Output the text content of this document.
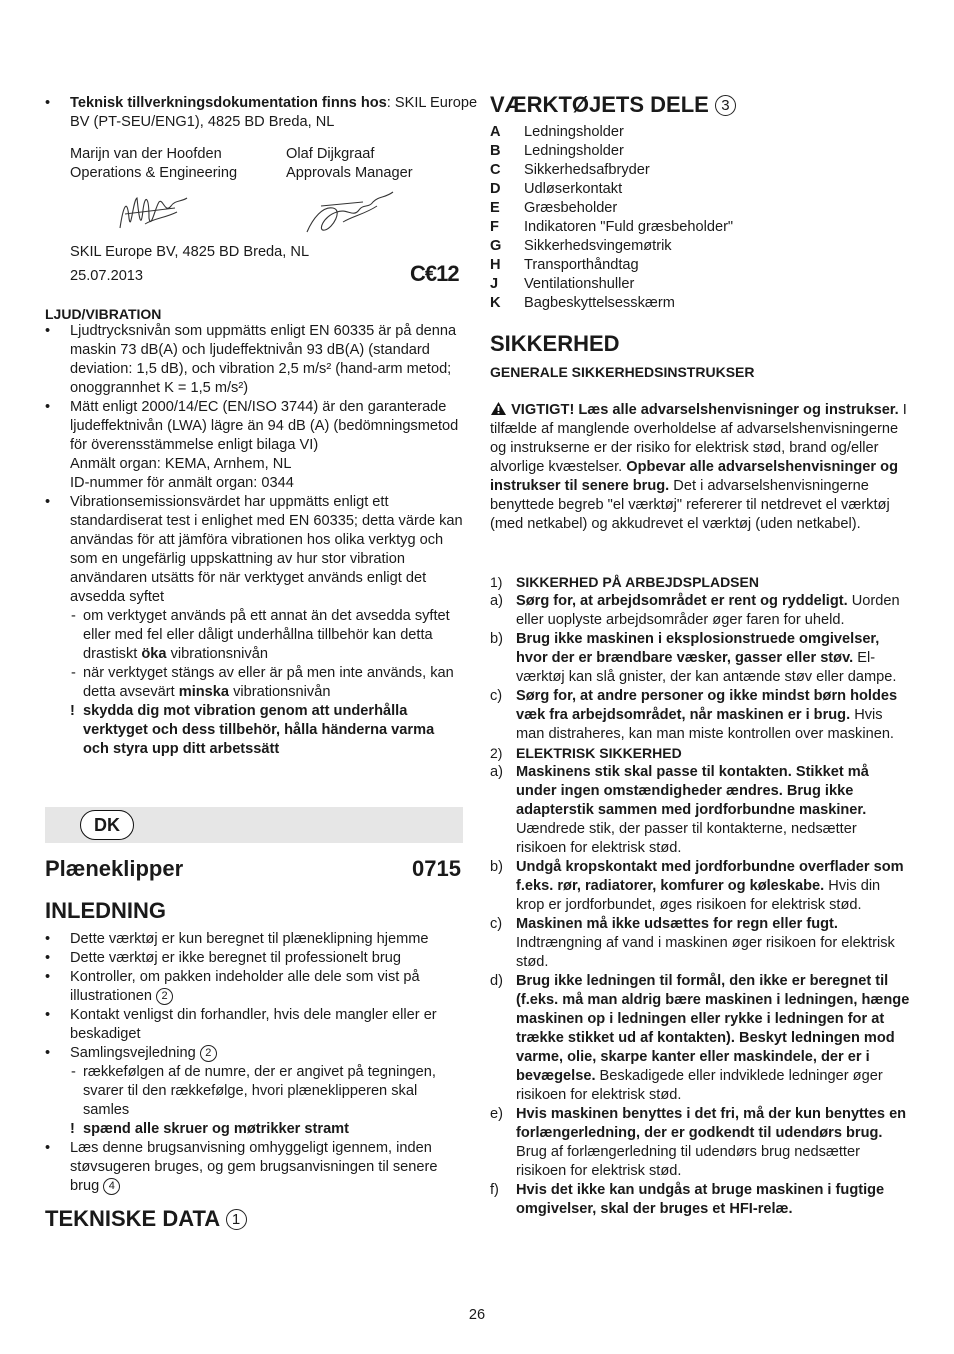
• Teknisk tillverkningsdokumentation finns hos: SKIL Europe BV (PT-SEU/ENG1), 4825 BD Breda, NL

Marijn van der Hoofden

Operations & Engineering

Olaf Dijkgraaf

Approvals Manager

SKIL Europe BV, 4825 BD Breda, NL

25.07.2013	C€12

LJUD/VIBRATION

• Ljudtrycksnivån som uppmätts enligt EN 60335 är på denna maskin 73 dB(A) och ljudeffektnivån 93 dB(A) (standard deviation: 1,5 dB), och vibration 2,5 m/s² (hand-arm metod; onoggrannhet K = 1,5 m/s²)

• Mätt enligt 2000/14/EC (EN/ISO 3744) är den garanterade ljudeffektnivån (LWA) lägre än 94 dB (A) (bedömningsmetod för överensstämmelse enligt bilaga VI)

Anmält organ: KEMA, Arnhem, NL

ID-nummer för anmält organ: 0344

• Vibrationsemissionsvärdet har uppmätts enligt ett standardiserat test i enlighet med EN 60335; detta värde kan användas för att jämföra vibrationen hos olika verktyg och som en ungefärlig uppskattning av hur stor vibration användaren utsätts för när verktyget används enligt det avsedda syftet

- om verktyget används på ett annat än det avsedda syftet eller med fel eller dåligt underhållna tillbehör kan detta drastiskt öka vibrationsnivån

- när verktyget stängs av eller är på men inte används, kan detta avsevärt minska vibrationsnivån

! skydda dig mot vibration genom att underhålla verktyget och dess tillbehör, hålla händerna varma och styra upp ditt arbetssätt

DK
Plæneklipper	0715
INLEDNING

• Dette værktøj er kun beregnet til plæneklipning hjemme

• Dette værktøj er ikke beregnet til professionelt brug

• Kontroller, om pakken indeholder alle dele som vist på illustrationen 2

• Kontakt venligst din forhandler, hvis dele mangler eller er beskadiget

• Samlingsvejledning 2

- rækkefølgen af de numre, der er angivet på tegningen, svarer til den rækkefølge, hvori plæneklipperen skal samles

! spænd alle skruer og møtrikker stramt

• Læs denne brugsanvisning omhyggeligt igennem, inden støvsugeren bruges, og gem brugsanvisningen til senere brug 4

TEKNISKE DATA 1
VÆRKTØJETS DELE 3
A	Ledningsholder
B	Ledningsholder
C	Sikkerhedsafbryder
D	Udløserkontakt
E	Græsbeholder
F	Indikatoren "Fuld græsbeholder"
G	Sikkerhedsvingemøtrik
H	Transporthåndtag
J	Ventilationshuller
K	Bagbeskyttelsesskærm
SIKKERHED

GENERALE SIKKERHEDSINSTRUKSER

VIGTIGT! Læs alle advarselshenvisninger og instrukser. I tilfælde af manglende overholdelse af advarselshenvisningerne og instrukserne er der risiko for elektrisk stød, brand og/eller alvorlige kvæstelser. Opbevar alle advarselshenvisninger og instrukser til senere brug. Det i advarselshenvisningerne benyttede begreb "el værktøj" refererer til netdrevet el værktøj (med netkabel) og akkudrevet el værktøj (uden netkabel).

1) SIKKERHED PÅ ARBEJDSPLADSEN
a) Sørg for, at arbejdsområdet er rent og ryddeligt. Uorden eller uoplyste arbejdsområder øger faren for uheld.
b) Brug ikke maskinen i eksplosionstruede omgivelser, hvor der er brændbare væsker, gasser eller støv. El-værktøj kan slå gnister, der kan antænde støv eller dampe.
c) Sørg for, at andre personer og ikke mindst børn holdes væk fra arbejdsområdet, når maskinen er i brug. Hvis man distraheres, kan man miste kontrollen over maskinen.
2) ELEKTRISK SIKKERHED
a) Maskinens stik skal passe til kontakten. Stikket må under ingen omstændigheder ændres. Brug ikke adapterstik sammen med jordforbundne maskiner. Uændrede stik, der passer til kontakterne, nedsætter risikoen for elektrisk stød.
b) Undgå kropskontakt med jordforbundne overflader som f.eks. rør, radiatorer, komfurer og køleskabe. Hvis din krop er jordforbundet, øges risikoen for elektrisk stød.
c) Maskinen må ikke udsættes for regn eller fugt. Indtrængning af vand i maskinen øger risikoen for elektrisk stød.
d) Brug ikke ledningen til formål, den ikke er beregnet til (f.eks. må man aldrig bære maskinen i ledningen, hænge maskinen op i ledningen eller rykke i ledningen for at trække stikket ud af kontakten). Beskyt ledningen mod varme, olie, skarpe kanter eller maskindele, der er i bevægelse. Beskadigede eller indviklede ledninger øger risikoen for elektrisk stød.
e) Hvis maskinen benyttes i det fri, må der kun benyttes en forlængerledning, der er godkendt til udendørs brug. Brug af forlængerledning til udendørs brug nedsætter risikoen for elektrisk stød.
f)	Hvis det ikke kan undgås at bruge maskinen i fugtige omgivelser, skal der bruges et HFI-relæ.

26
